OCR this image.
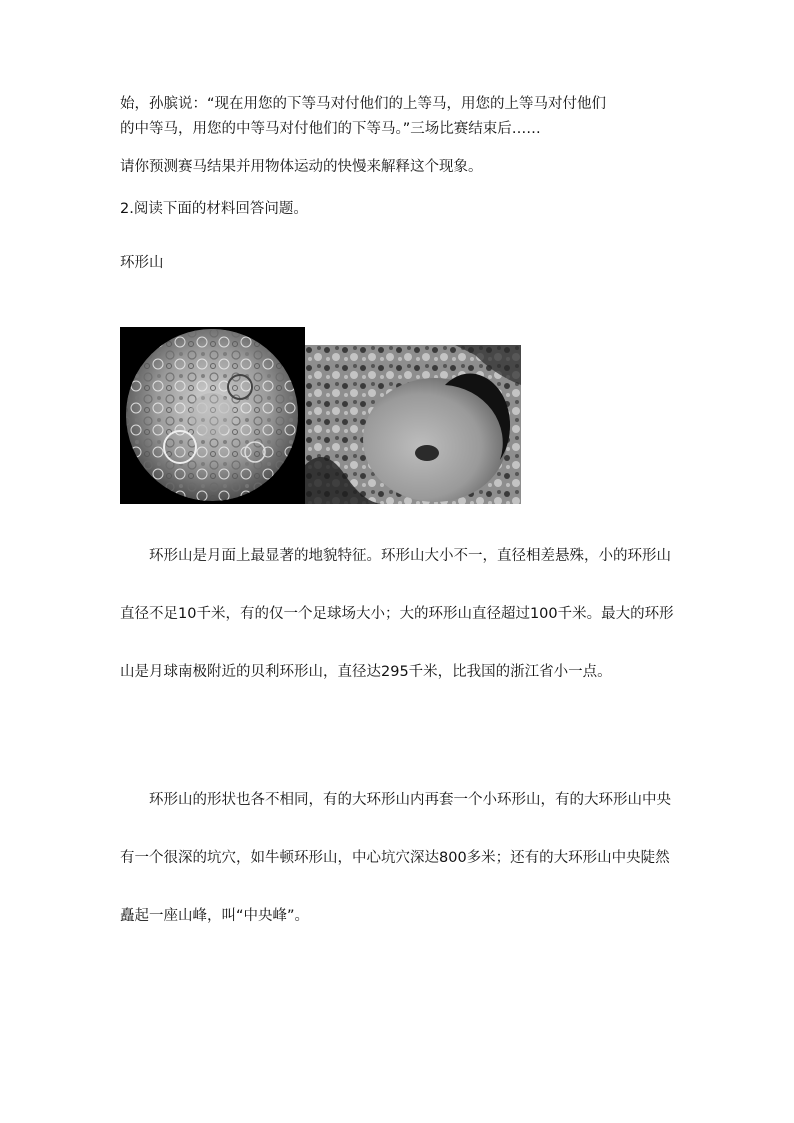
始，孙膑说：“现在用您的下等马对付他们的上等马，用您的上等马对付他们
的中等马，用您的中等马对付他们的下等马。”三场比赛结束后……
请你预测赛马结果并用物体运动的快慢来解释这个现象。
2.阅读下面的材料回答问题。
环形山

环形山是月面上最显著的地貌特征。环形山大小不一，直径相差悬殊，小的环形山直径不足10千米，有的仅一个足球场大小；大的环形山直径超过100千米。最大的环形山是月球南极附近的贝利环形山，直径达295千米，比我国的浙江省小一点。

环形山的形状也各不相同，有的大环形山内再套一个小环形山，有的大环形山中央有一个很深的坑穴，如牛顿环形山，中心坑穴深达800多米；还有的大环形山中央陡然矗起一座山峰，叫“中央峰”。
